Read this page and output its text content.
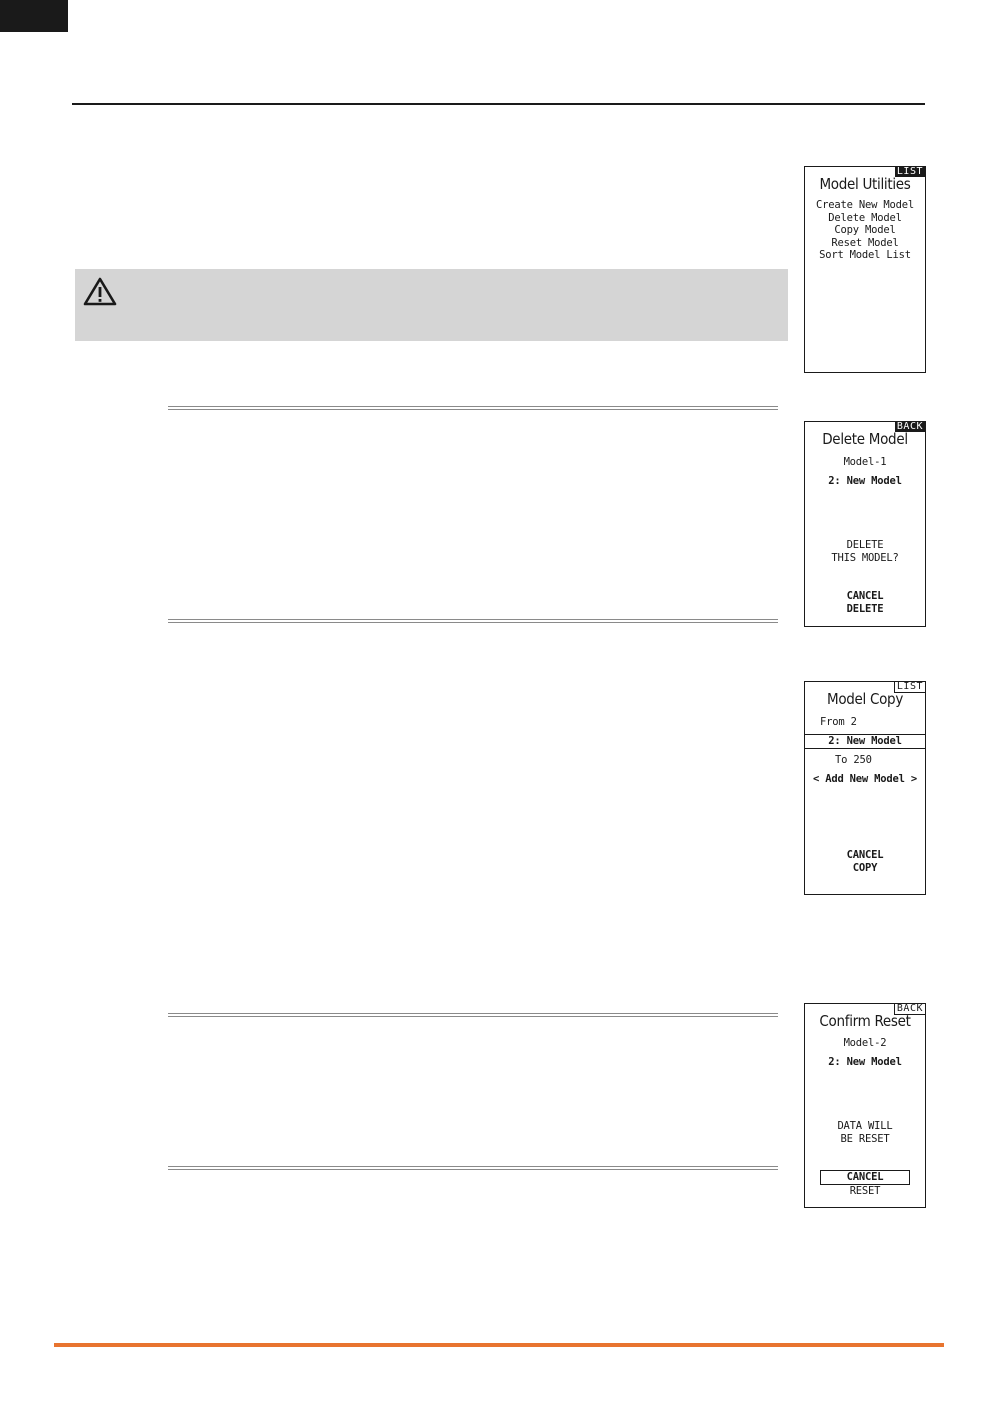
LIST
Model Utilities
Create New Model
Delete Model
Copy Model
Reset Model
Sort Model List
BACK
Delete Model
Model-1
2: New Model
DELETE
THIS MODEL?
CANCEL
DELETE
LIST
Model Copy
From 2
2: New Model
To 250
< Add New Model >
CANCEL
COPY
BACK
Confirm Reset
Model-2
2: New Model
DATA WILL
BE RESET
CANCEL
RESET
